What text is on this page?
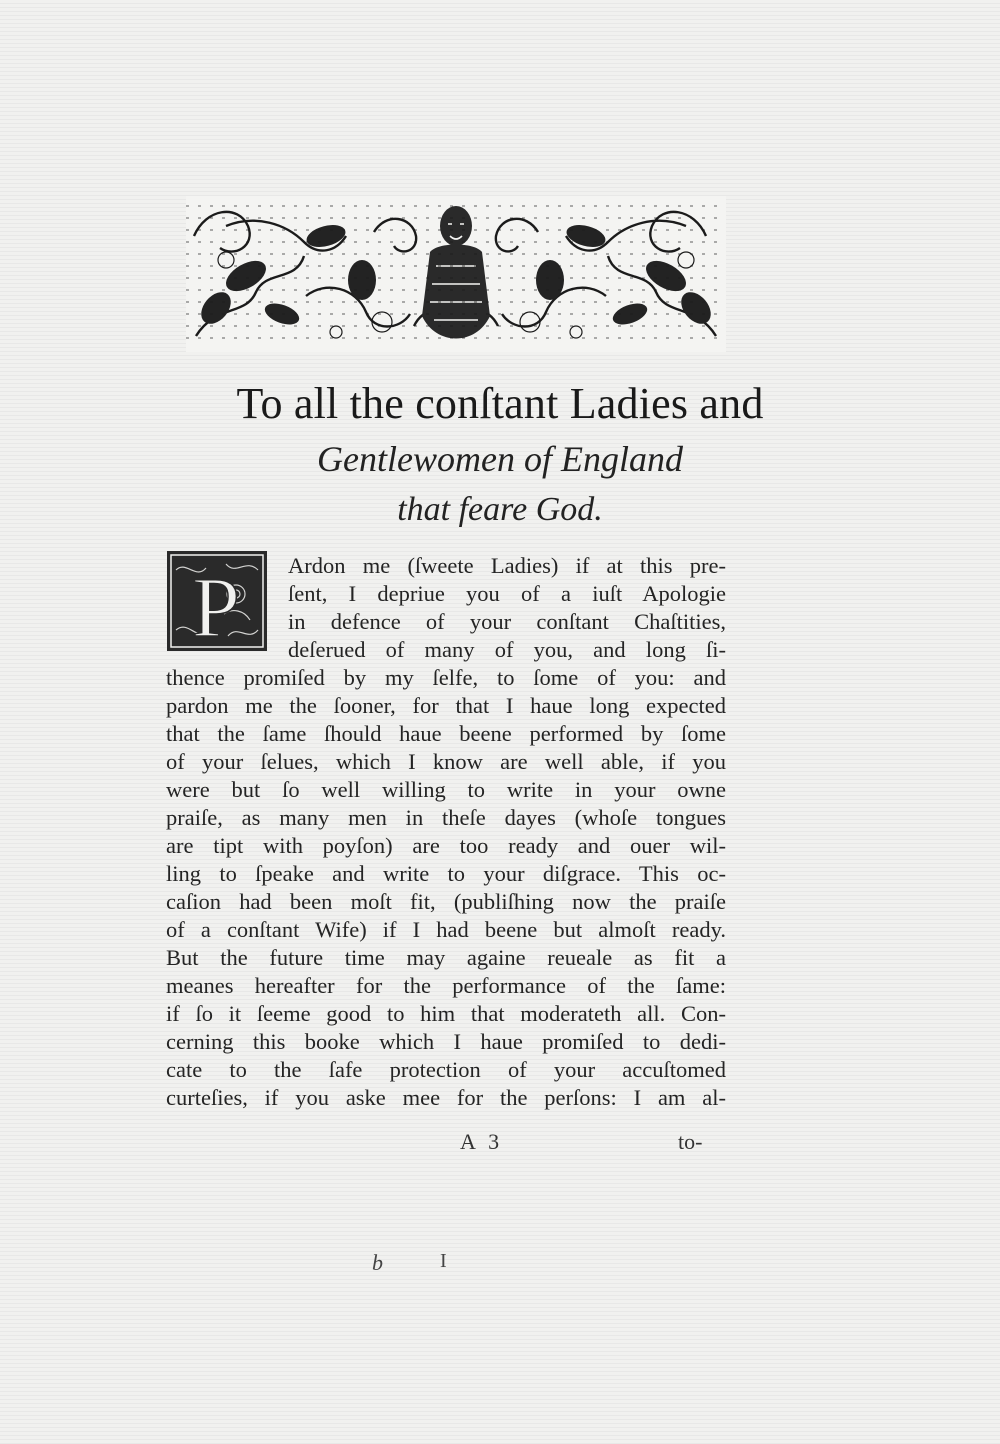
To all the conſtant Ladies and
Gentlewomen of England
that feare God.
P Ardon me (ſweete Ladies) if at this pre-
ſent, I depriue you of a iuſt Apologie
in defence of your conſtant Chaſtities,
deſerued of many of you, and long ſi-
thence promiſed by my ſelfe, to ſome of you: and
pardon me the ſooner, for that I haue long expected
that the ſame ſhould haue beene performed by ſome
of your ſelues, which I know are well able, if you
were but ſo well willing to write in your owne
praiſe, as many men in theſe dayes (whoſe tongues
are tipt with poyſon) are too ready and ouer wil-
ling to ſpeake and write to your diſgrace. This oc-
caſion had been moſt fit, (publiſhing now the praiſe
of a conſtant Wife) if I had beene but almoſt ready.
But the future time may againe reueale as fit a
meanes hereafter for the performance of the ſame:
if ſo it ſeeme good to him that moderateth all. Con-
cerning this booke which I haue promiſed to dedi-
cate to the ſafe protection of your accuſtomed
curteſies, if you aske mee for the perſons: I am al-
A 3	to-
b	I
